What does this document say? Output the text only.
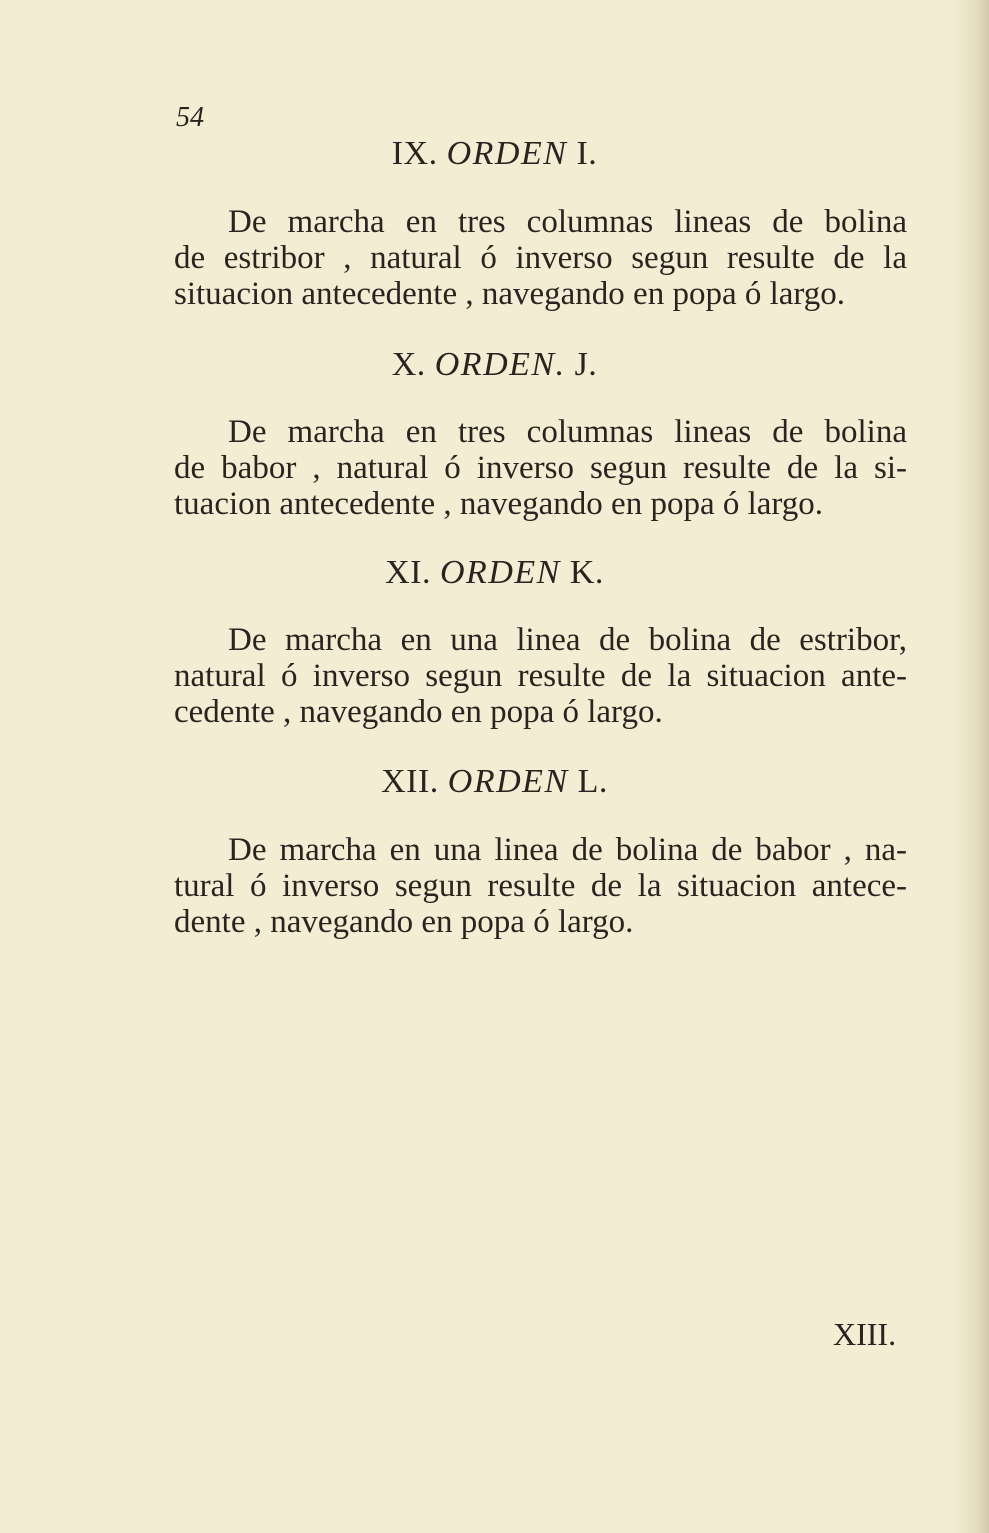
54
IX. ORDEN I.
De marcha en tres columnas lineas de bolina
de estribor , natural ó inverso segun resulte de la
situacion antecedente , navegando en popa ó largo.
X. ORDEN. J.
De marcha en tres columnas lineas de bolina
de babor , natural ó inverso segun resulte de la si-
tuacion antecedente , navegando en popa ó largo.
XI. ORDEN K.
De marcha en una linea de bolina de estribor,
natural ó inverso segun resulte de la situacion ante-
cedente , navegando en popa ó largo.
XII. ORDEN L.
De marcha en una linea de bolina de babor , na-
tural ó inverso segun resulte de la situacion antece-
dente , navegando en popa ó largo.
XIII.
